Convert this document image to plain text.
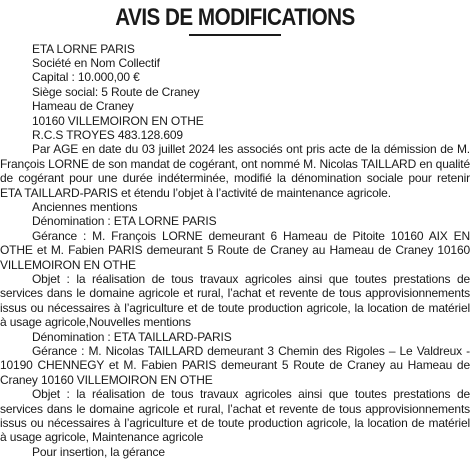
AVIS DE MODIFICATIONS

ETA LORNE PARIS

Société en Nom Collectif

Capital : 10.000,00 €

Siège social: 5 Route de Craney

Hameau de Craney

10160 VILLEMOIRON EN OTHE

R.C.S TROYES 483.128.609

Par AGE en date du 03 juillet 2024 les associés ont pris acte de la démission de M. François LORNE de son mandat de cogérant, ont nommé M. Nicolas TAILLARD en qualité de cogérant pour une durée indéterminée, modifié la dénomination sociale pour retenir ETA TAILLARD-PARIS et étendu l’objet à l’activité de maintenance agricole.

Anciennes mentions

Dénomination : ETA LORNE PARIS

Gérance : M. François LORNE demeurant 6 Hameau de Pitoite 10160 AIX EN OTHE et M. Fabien PARIS demeurant 5 Route de Craney au Hameau de Craney 10160 VILLEMOIRON EN OTHE

Objet : la réalisation de tous travaux agricoles ainsi que toutes prestations de services dans le domaine agricole et rural, l’achat et revente de tous approvisionnements issus ou nécessaires à l’agriculture et de toute production agricole, la location de matériel à usage agricole,Nouvelles mentions

Dénomination : ETA TAILLARD-PARIS

Gérance : M. Nicolas TAILLARD demeurant 3 Chemin des Rigoles – Le Valdreux - 10190 CHENNEGY et M. Fabien PARIS demeurant 5 Route de Craney au Hameau de Craney 10160 VILLEMOIRON EN OTHE

Objet : la réalisation de tous travaux agricoles ainsi que toutes prestations de services dans le domaine agricole et rural, l’achat et revente de tous approvisionnements issus ou nécessaires à l’agriculture et de toute production agricole, la location de matériel à usage agricole, Maintenance agricole

Pour insertion, la gérance
